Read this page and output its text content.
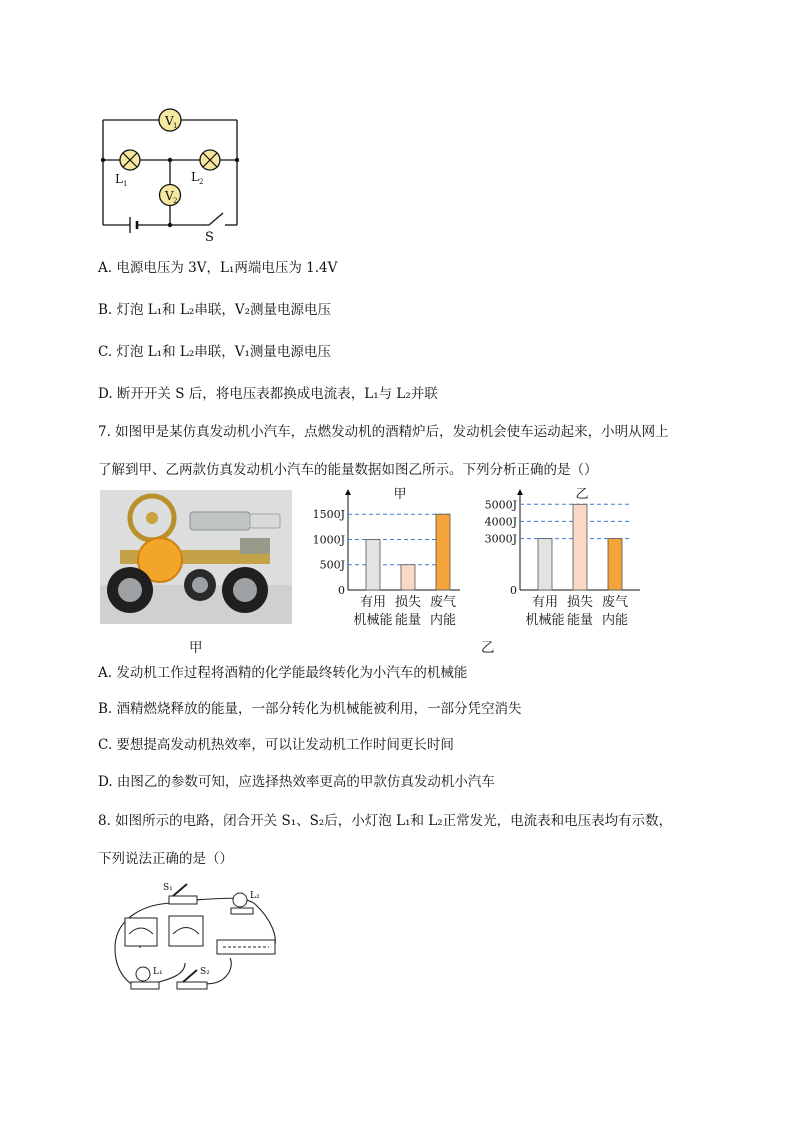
V 1
V 2
L 1	L 2
S
A. 电源电压为 3V，L₁两端电压为 1.4V
B. 灯泡 L₁和 L₂串联，V₂测量电源电压
C. 灯泡 L₁和 L₂串联，V₁测量电源电压
D. 断开开关 S 后，将电压表都换成电流表，L₁与 L₂并联
7. 如图甲是某仿真发动机小汽车，点燃发动机的酒精炉后，发动机会使车运动起来，小明从网上
了解到甲、乙两款仿真发动机小汽车的能量数据如图乙所示。下列分析正确的是（）
甲
甲
1500J
1000J
500J
0
有用
机械能
损失
能量
废气
内能
乙
5000J
4000J
3000J
0
有用
机械能
损失
能量
废气
内能
乙
A. 发动机工作过程将酒精的化学能最终转化为小汽车的机械能
B. 酒精燃烧释放的能量，一部分转化为机械能被利用，一部分凭空消失
C. 要想提高发动机热效率，可以让发动机工作时间更长时间
D. 由图乙的参数可知，应选择热效率更高的甲款仿真发动机小汽车
8. 如图所示的电路，闭合开关 S₁、S₂后，小灯泡 L₁和 L₂正常发光，电流表和电压表均有示数，
下列说法正确的是（）
S₁
L₂
L₁	S₂
